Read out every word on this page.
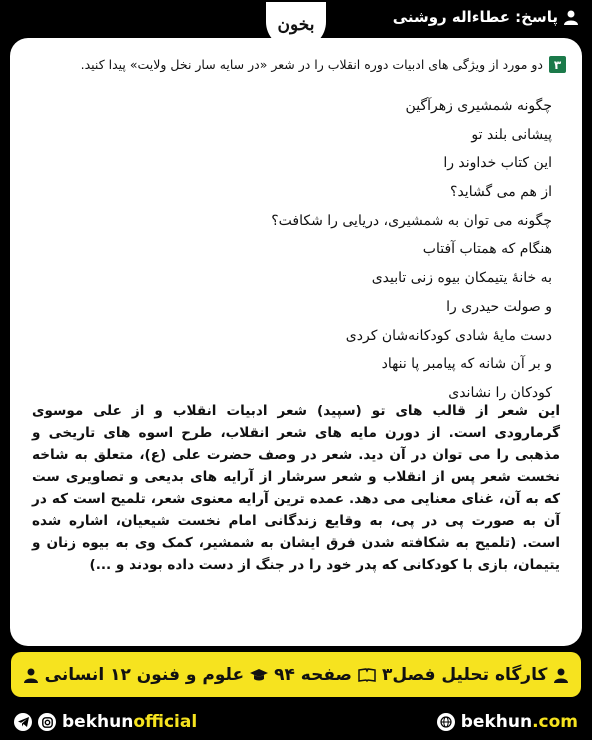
پاسخ: عطاءاله روشنی
بخون
۳
دو مورد از ویژگی های ادبیات دوره انقلاب را در شعر «در سایه سار نخل ولایت» پیدا کنید.
چگونه شمشیری زهرآگین
پیشانی بلند تو
این کتاب خداوند را
از هم می گشاید؟
چگونه می توان به شمشیری، دریایی را شکافت؟
هنگام که همتاب آفتاب
به خانهٔ یتیمکان بیوه زنی تابیدی
و صولت حیدری را
دست مایهٔ شادی کودکانه‌شان کردی
و بر آن شانه که پیامبر پا ننهاد
کودکان را نشاندی
این شعر از قالب های تو (سپید) شعر ادبیات انقلاب و از علی موسوی گرمارودی است. از دورن مایه های شعر انقلاب، طرح اسوه های تاریخی و مذهبی را می توان در آن دید. شعر در وصف حضرت علی (ع)، متعلق به شاخه نخست شعر پس از انقلاب و شعر سرشار از آرایه های بدیعی و تصاویری ست که به آن، غنای معنایی می دهد. عمده ترین آرایه معنوی شعر، تلمیح است که در آن به صورت پی در پی، به وقایع زندگانی امام نخست شیعیان، اشاره شده است. (تلمیح به شکافته شدن فرق ایشان به شمشیر، کمک وی به بیوه زنان و یتیمان، بازی با کودکانی که پدر خود را در جنگ از دست داده بودند و ...)
کارگاه تحلیل فصل۳
صفحه ۹۴
علوم و فنون ۱۲ انسانی
bekhunofficial	bekhun.com
